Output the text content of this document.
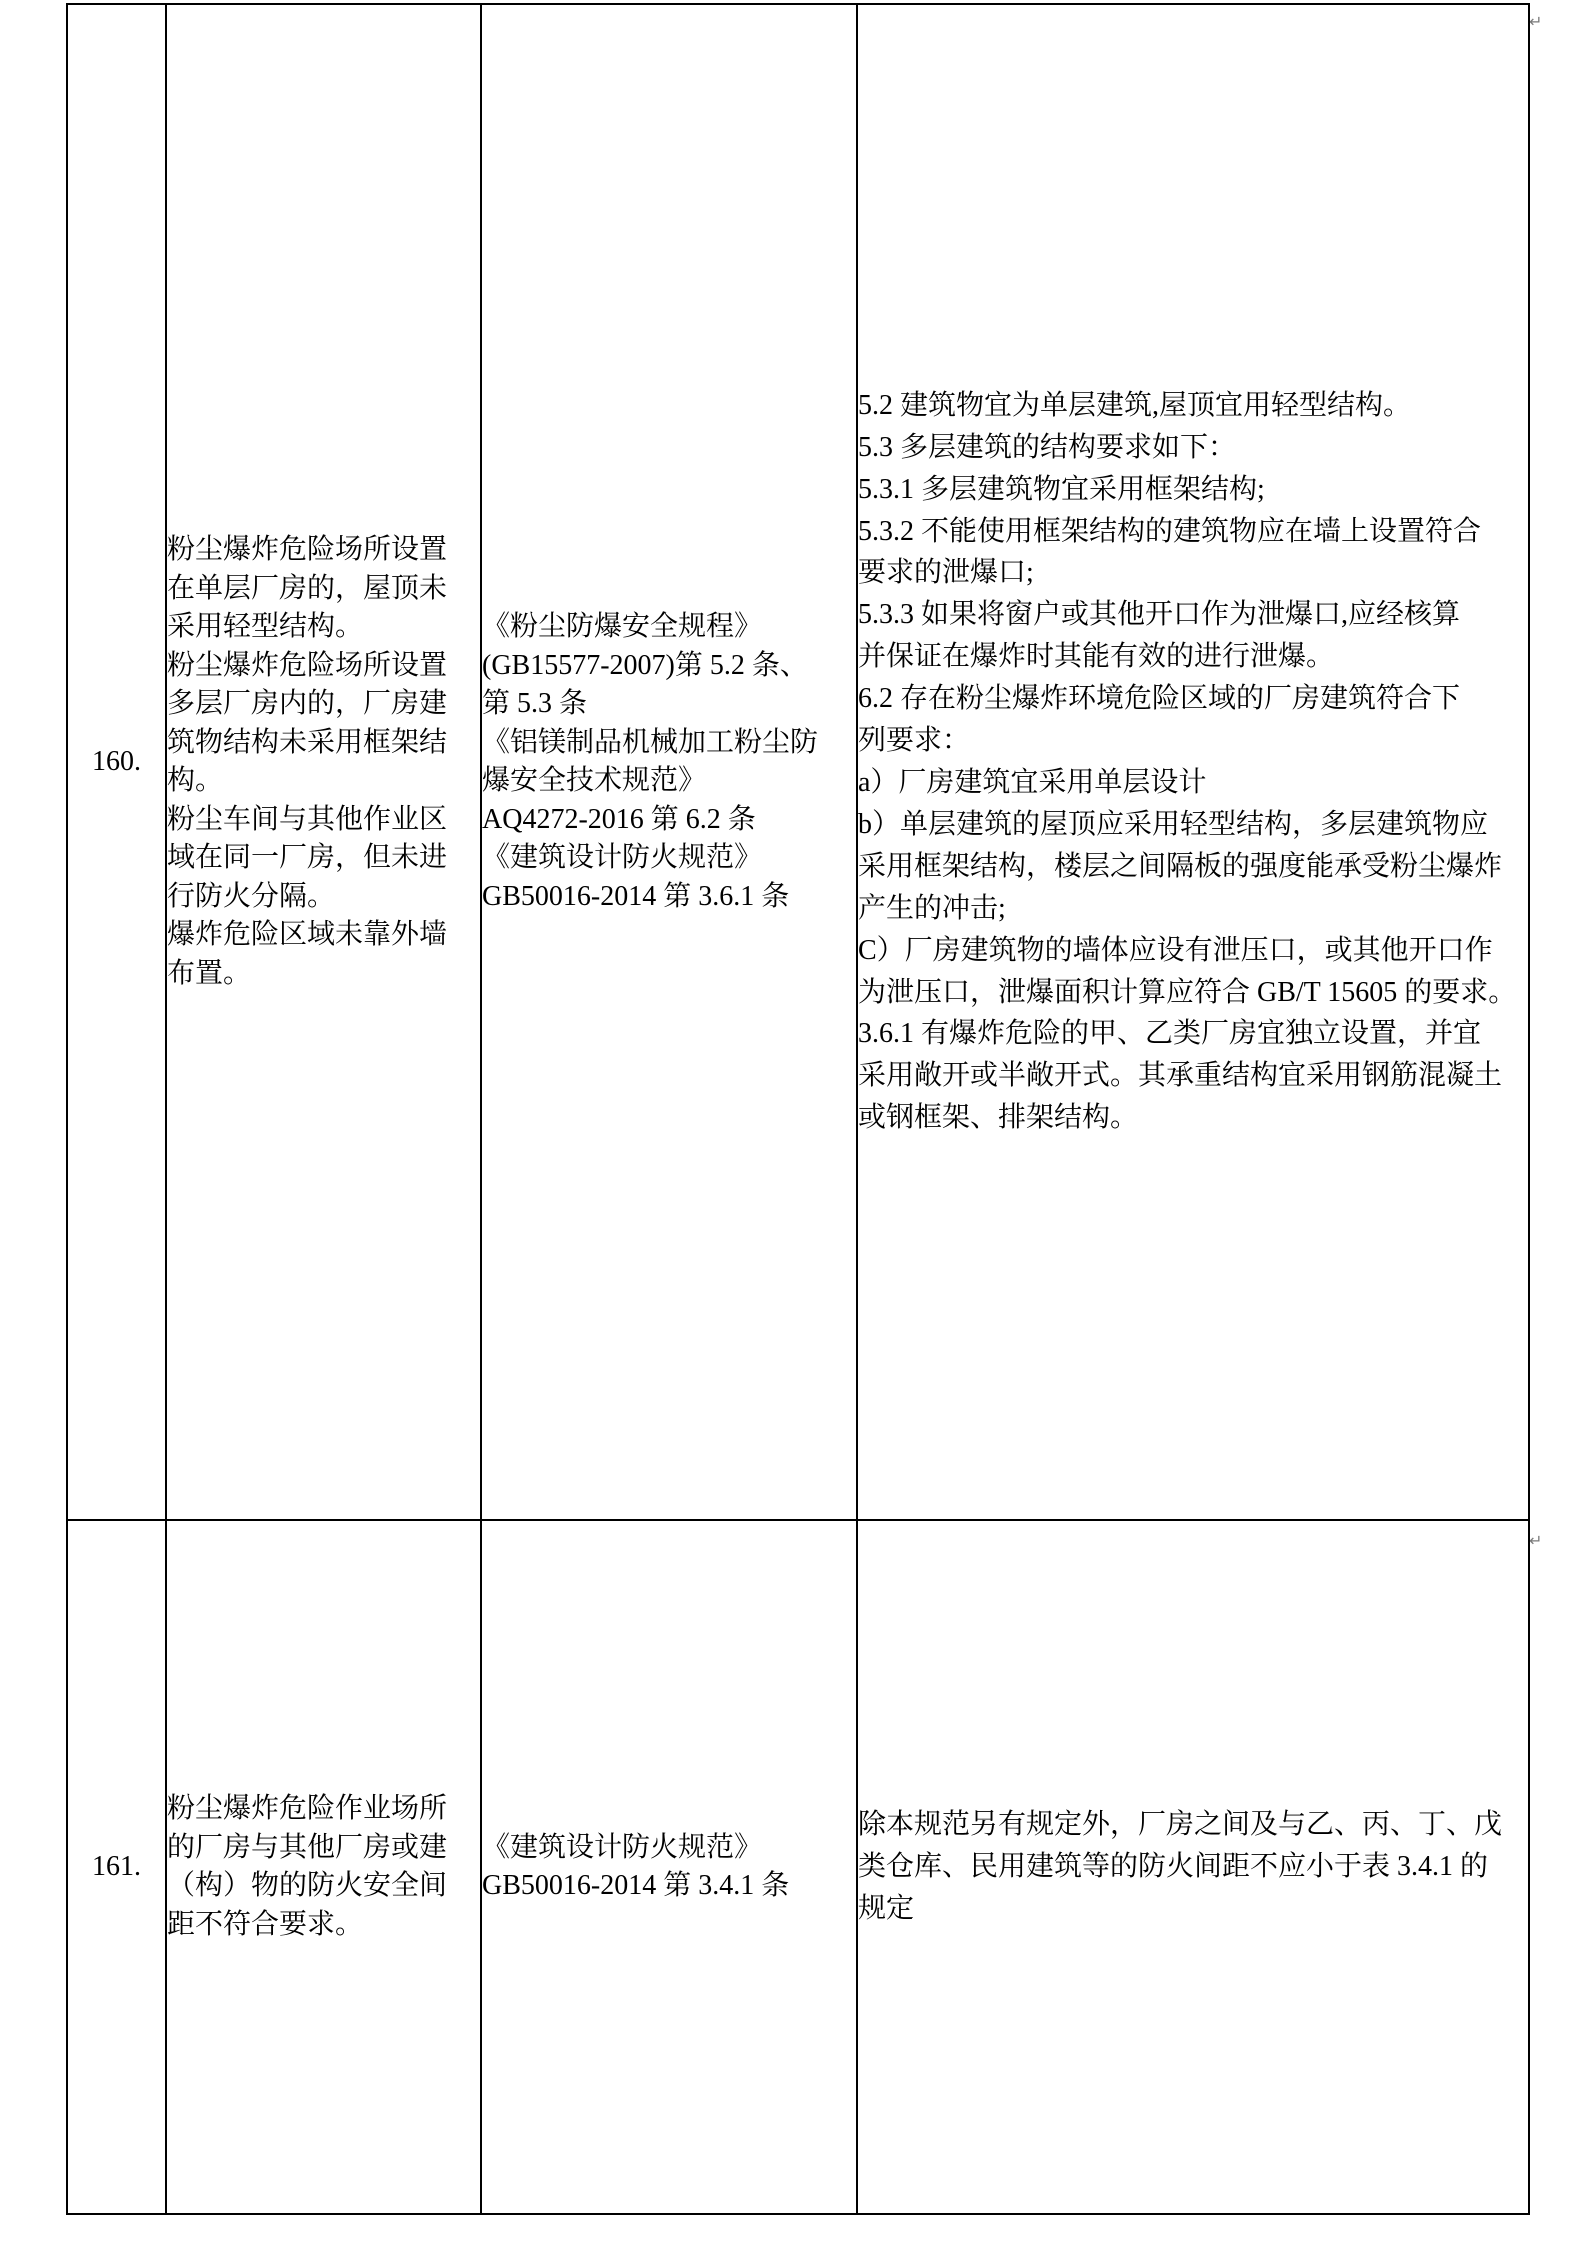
↵
↵
160.

粉尘爆炸危险场所设置
在单层厂房的，屋顶未
采用轻型结构。
粉尘爆炸危险场所设置
多层厂房内的，厂房建
筑物结构未采用框架结
构。
粉尘车间与其他作业区
域在同一厂房，但未进
行防火分隔。
爆炸危险区域未靠外墙
布置。

《粉尘防爆安全规程》
(GB15577-2007)第 5.2 条、
第 5.3 条
《铝镁制品机械加工粉尘防
爆安全技术规范》
AQ4272-2016 第 6.2 条
《建筑设计防火规范》
GB50016-2014 第 3.6.1 条

5.2 建筑物宜为单层建筑,屋顶宜用轻型结构。
5.3 多层建筑的结构要求如下：
5.3.1 多层建筑物宜采用框架结构;
5.3.2 不能使用框架结构的建筑物应在墙上设置符合
要求的泄爆口;
5.3.3 如果将窗户或其他开口作为泄爆口,应经核算
并保证在爆炸时其能有效的进行泄爆。
6.2 存在粉尘爆炸环境危险区域的厂房建筑符合下
列要求：
a）厂房建筑宜采用单层设计
b）单层建筑的屋顶应采用轻型结构，多层建筑物应
采用框架结构，楼层之间隔板的强度能承受粉尘爆炸
产生的冲击;
C）厂房建筑物的墙体应设有泄压口，或其他开口作
为泄压口，泄爆面积计算应符合 GB/T 15605 的要求。
3.6.1 有爆炸危险的甲、乙类厂房宜独立设置，并宜
采用敞开或半敞开式。其承重结构宜采用钢筋混凝土
或钢框架、排架结构。

161.

粉尘爆炸危险作业场所
的厂房与其他厂房或建
（构）物的防火安全间
距不符合要求。

《建筑设计防火规范》
GB50016-2014 第 3.4.1 条

除本规范另有规定外，厂房之间及与乙、丙、丁、戊
类仓库、民用建筑等的防火间距不应小于表 3.4.1 的
规定
